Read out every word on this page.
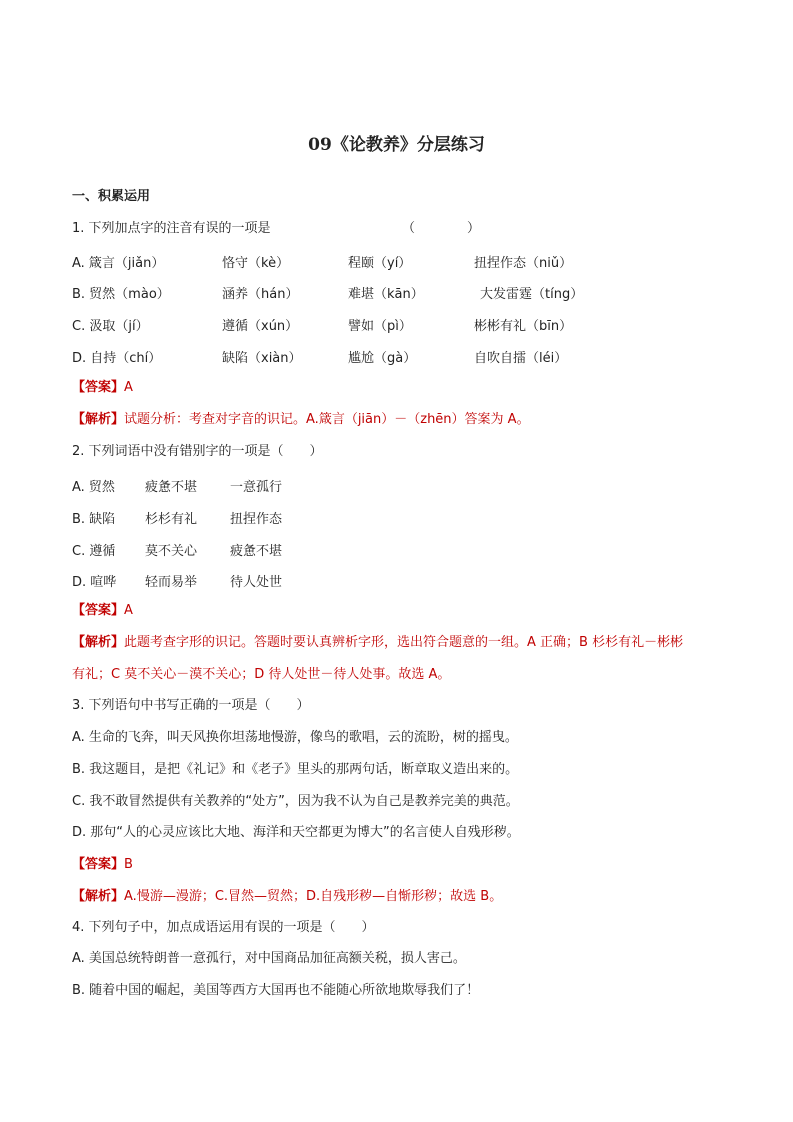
09《论教养》分层练习
一、积累运用
1. 下列加点字的注音有误的一项是	（　　　　）
A. 箴言（jiǎn）	恪守（kè）	程颐（yí）	扭捏作态（niǔ）
B. 贸然（mào）	涵养（hán）	难堪（kān）	大发雷霆（tíng）
C. 汲取（jí）	遵循（xún）	譬如（pì）	彬彬有礼（bīn）
D. 自持（chí）	缺陷（xiàn）	尴尬（gà）	自吹自擂（léi）
【答案】A
【解析】试题分析：考查对字音的识记。A.箴言（jiān）－（zhēn）答案为 A。
2. 下列词语中没有错别字的一项是（　　）
A. 贸然 疲惫不堪	一意孤行
B. 缺陷 杉杉有礼	扭捏作态
C. 遵循 莫不关心	疲惫不堪
D. 喧哗 轻而易举	待人处世
【答案】A
【解析】此题考查字形的识记。答题时要认真辨析字形，选出符合题意的一组。A 正确；B 杉杉有礼－彬彬
有礼；C 莫不关心－漠不关心；D 待人处世－待人处事。故选 A。
3. 下列语句中书写正确的一项是（　　）
A. 生命的飞奔，叫天风换你坦荡地慢游，像鸟的歌唱，云的流盼，树的摇曳。
B. 我这题目，是把《礼记》和《老子》里头的那两句话，断章取义造出来的。
C. 我不敢冒然提供有关教养的“处方”，因为我不认为自己是教养完美的典范。
D. 那句“人的心灵应该比大地、海洋和天空都更为博大”的名言使人自残形秽。
【答案】B
【解析】A.慢游—漫游；C.冒然—贸然；D.自残形秽—自惭形秽；故选 B。
4. 下列句子中，加点成语运用有误的一项是（　　）
A. 美国总统特朗普一意孤行，对中国商品加征高额关税，损人害己。
B. 随着中国的崛起，美国等西方大国再也不能随心所欲地欺辱我们了！
